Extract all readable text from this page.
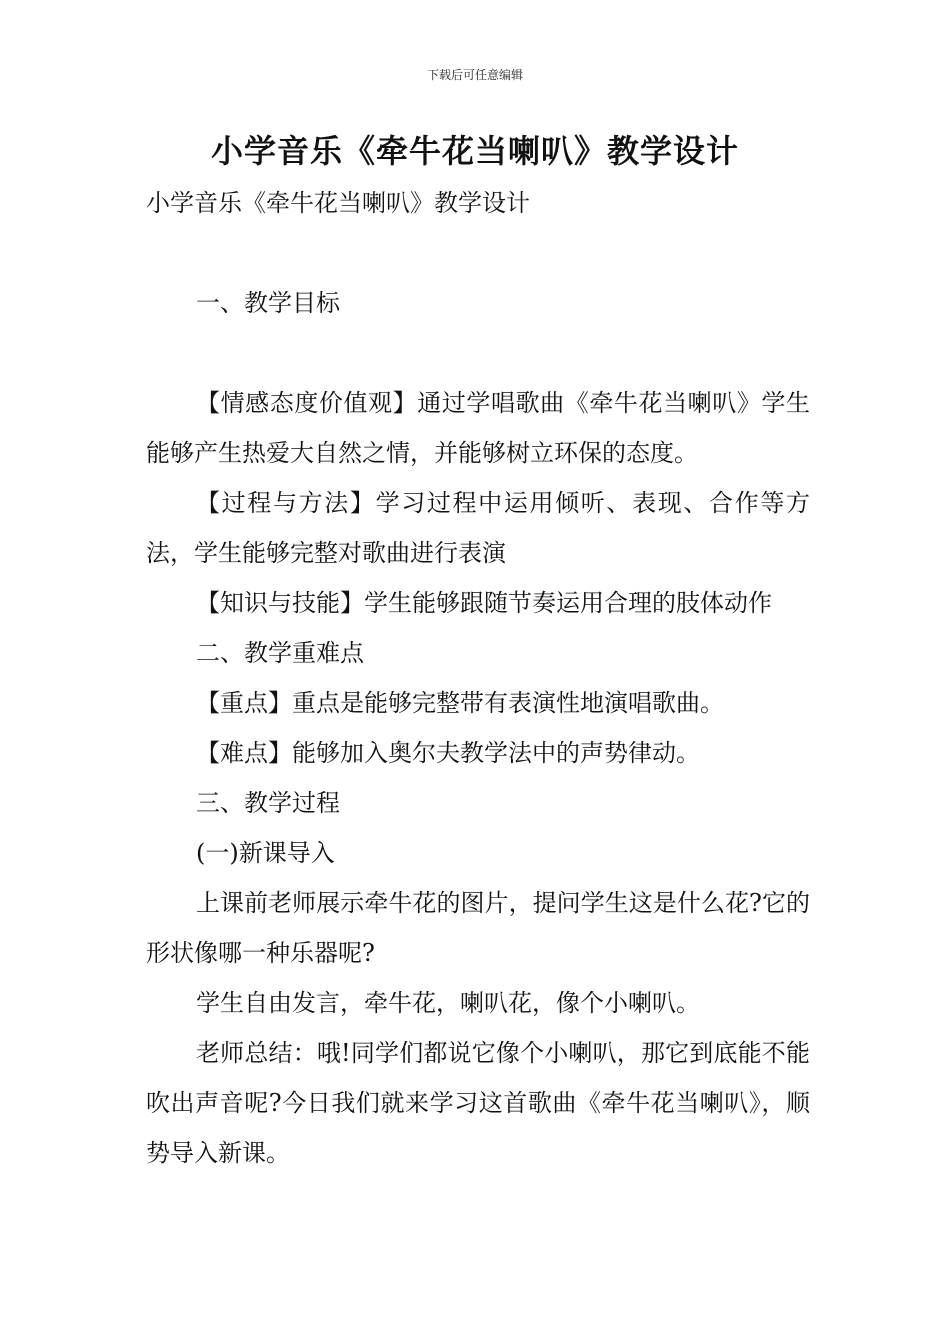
下载后可任意编辑
小学音乐《牵牛花当喇叭》教学设计

小学音乐《牵牛花当喇叭》教学设计

一、教学目标

【情感态度价值观】通过学唱歌曲《牵牛花当喇叭》学生能够产生热爱大自然之情，并能够树立环保的态度。

【过程与方法】学习过程中运用倾听、表现、合作等方法，学生能够完整对歌曲进行表演

【知识与技能】学生能够跟随节奏运用合理的肢体动作

二、教学重难点

【重点】重点是能够完整带有表演性地演唱歌曲。

【难点】能够加入奥尔夫教学法中的声势律动。

三、教学过程

(一)新课导入

上课前老师展示牵牛花的图片，提问学生这是什么花?它的形状像哪一种乐器呢?

学生自由发言，牵牛花，喇叭花，像个小喇叭。

老师总结：哦!同学们都说它像个小喇叭，那它到底能不能吹出声音呢?今日我们就来学习这首歌曲《牵牛花当喇叭》，顺势导入新课。
